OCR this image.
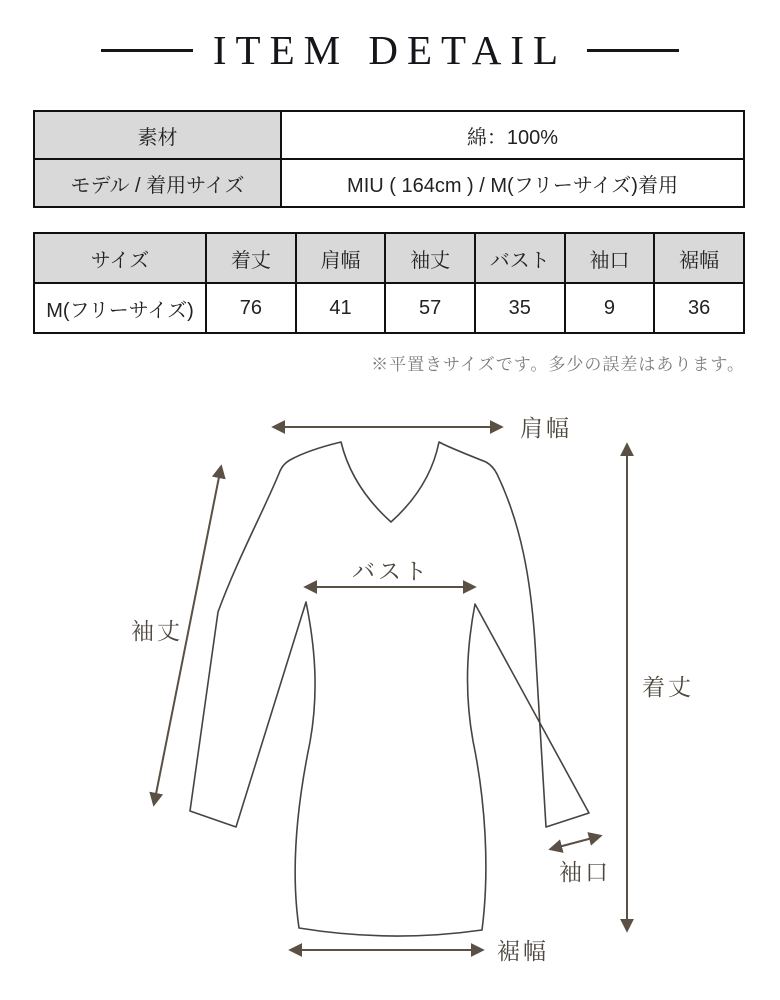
ITEM DETAIL
素材	綿：100%
モデル / 着用サイズ	MIU ( 164cm ) / M(フリーサイズ)着用
サイズ	着丈	肩幅	袖丈	バスト	袖口	裾幅
M(フリーサイズ)	76	41	57	35	9	36
※平置きサイズです。多少の誤差はあります。
肩幅
袖丈
バスト
着丈
袖口
裾幅
